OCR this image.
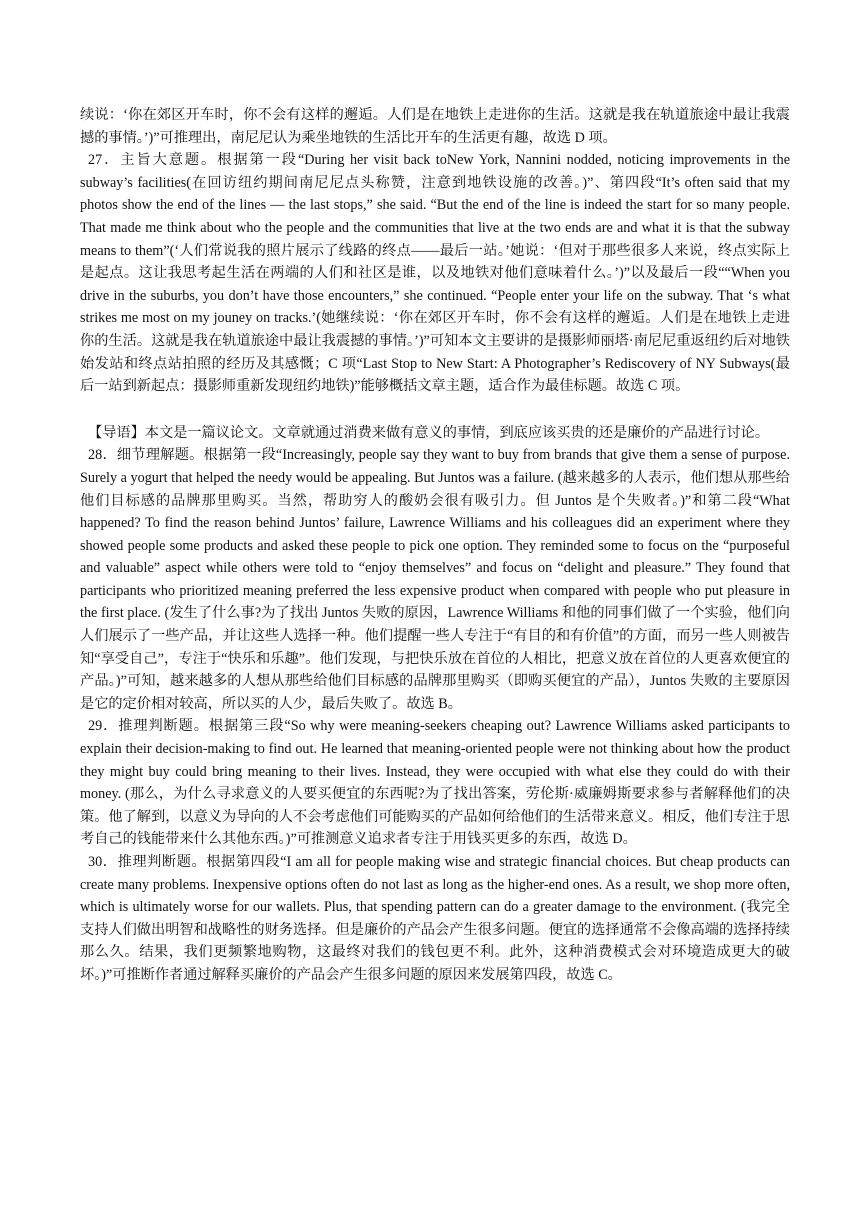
续说：‘你在郊区开车时，你不会有这样的邂逅。人们是在地铁上走进你的生活。这就是我在轨道旅途中最让我震撼的事情。’)”可推理出，南尼尼认为乘坐地铁的生活比开车的生活更有趣，故选 D 项。

27．主旨大意题。根据第一段“During her visit back toNew York, Nannini nodded, noticing improvements in the subway’s facilities(在回访纽约期间南尼尼点头称赞，注意到地铁设施的改善。)”、第四段“It’s often said that my photos show the end of the lines — the last stops,” she said. “But the end of the line is indeed the start for so many people. That made me think about who the people and the communities that live at the two ends are and what it is that the subway means to them”(‘人们常说我的照片展示了线路的终点——最后一站。’她说：‘但对于那些很多人来说，终点实际上是起点。这让我思考起生活在两端的人们和社区是谁，以及地铁对他们意味着什么。’)”以及最后一段““When you drive in the suburbs, you don’t have those encounters,” she continued. “People enter your life on the subway. That ‘s what strikes me most on my jouney on tracks.’(她继续说：‘你在郊区开车时，你不会有这样的邂逅。人们是在地铁上走进你的生活。这就是我在轨道旅途中最让我震撼的事情。’)”可知本文主要讲的是摄影师丽塔·南尼尼重返纽约后对地铁始发站和终点站拍照的经历及其感慨；C 项“Last Stop to New Start: A Photographer’s Rediscovery of NY Subways(最后一站到新起点：摄影师重新发现纽约地铁)”能够概括文章主题，适合作为最佳标题。故选 C 项。

【导语】本文是一篇议论文。文章就通过消费来做有意义的事情，到底应该买贵的还是廉价的产品进行讨论。

28．细节理解题。根据第一段“Increasingly, people say they want to buy from brands that give them a sense of purpose. Surely a yogurt that helped the needy would be appealing. But Juntos was a failure. (越来越多的人表示，他们想从那些给他们目标感的品牌那里购买。当然，帮助穷人的酸奶会很有吸引力。但 Juntos 是个失败者。)”和第二段“What happened? To find the reason behind Juntos’ failure, Lawrence Williams and his colleagues did an experiment where they showed people some products and asked these people to pick one option. They reminded some to focus on the “purposeful and valuable” aspect while others were told to “enjoy themselves” and focus on “delight and pleasure.” They found that participants who prioritized meaning preferred the less expensive product when compared with people who put pleasure in the first place. (发生了什么事?为了找出 Juntos 失败的原因，Lawrence Williams 和他的同事们做了一个实验，他们向人们展示了一些产品，并让这些人选择一种。他们提醒一些人专注于“有目的和有价值”的方面，而另一些人则被告知“享受自己”，专注于“快乐和乐趣”。他们发现，与把快乐放在首位的人相比，把意义放在首位的人更喜欢便宜的产品。)”可知，越来越多的人想从那些给他们目标感的品牌那里购买（即购买便宜的产品），Juntos 失败的主要原因是它的定价相对较高，所以买的人少，最后失败了。故选 B。

29．推理判断题。根据第三段“So why were meaning-seekers cheaping out? Lawrence Williams asked participants to explain their decision-making to find out. He learned that meaning-oriented people were not thinking about how the product they might buy could bring meaning to their lives. Instead, they were occupied with what else they could do with their money. (那么，为什么寻求意义的人要买便宜的东西呢?为了找出答案，劳伦斯·威廉姆斯要求参与者解释他们的决策。他了解到，以意义为导向的人不会考虑他们可能购买的产品如何给他们的生活带来意义。相反，他们专注于思考自己的钱能带来什么其他东西。)”可推测意义追求者专注于用钱买更多的东西，故选 D。

30．推理判断题。根据第四段“I am all for people making wise and strategic financial choices. But cheap products can create many problems. Inexpensive options often do not last as long as the higher-end ones. As a result, we shop more often, which is ultimately worse for our wallets. Plus, that spending pattern can do a greater damage to the environment. (我完全支持人们做出明智和战略性的财务选择。但是廉价的产品会产生很多问题。便宜的选择通常不会像高端的选择持续那么久。结果，我们更频繁地购物，这最终对我们的钱包更不利。此外，这种消费模式会对环境造成更大的破坏。)”可推断作者通过解释买廉价的产品会产生很多问题的原因来发展第四段，故选 C。
